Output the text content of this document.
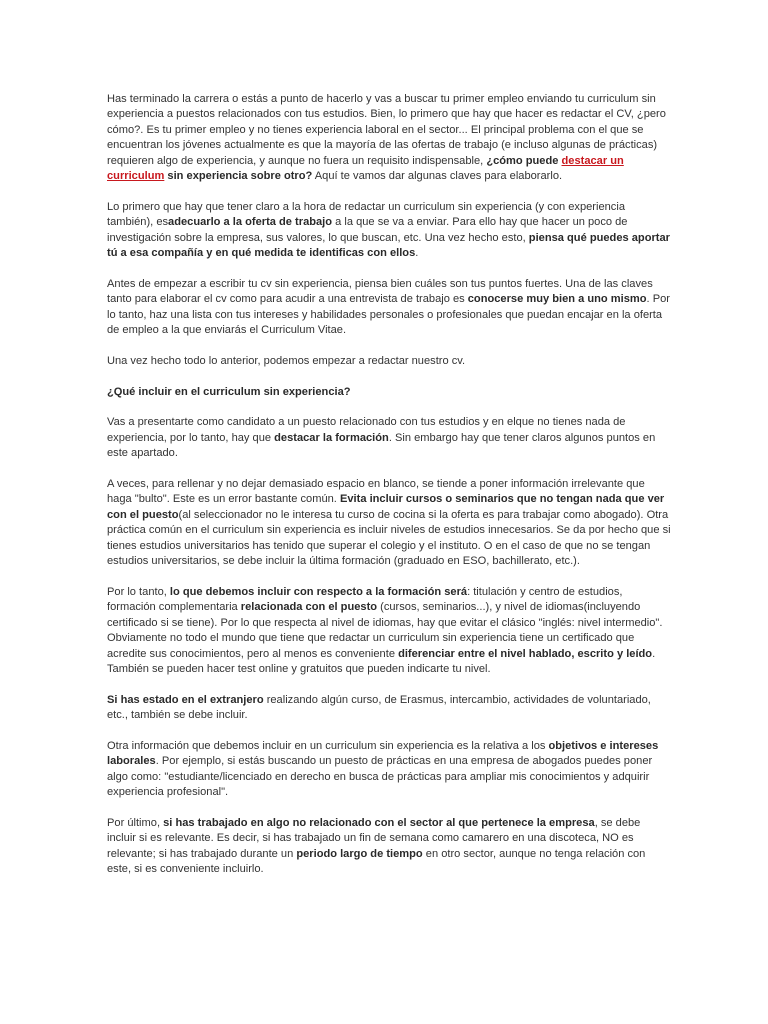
Has terminado la carrera o estás a punto de hacerlo y vas a buscar tu primer empleo enviando tu curriculum sin experiencia a puestos relacionados con tus estudios. Bien, lo primero que hay que hacer es redactar el CV, ¿pero cómo?. Es tu primer empleo y no tienes experiencia laboral en el sector... El principal problema con el que se encuentran los jóvenes actualmente es que la mayoría de las ofertas de trabajo (e incluso algunas de prácticas) requieren algo de experiencia, y aunque no fuera un requisito indispensable, ¿cómo puede destacar un curriculum sin experiencia sobre otro? Aquí te vamos dar algunas claves para elaborarlo.

Lo primero que hay que tener claro a la hora de redactar un curriculum sin experiencia (y con experiencia también), esadecuarlo a la oferta de trabajo a la que se va a enviar. Para ello hay que hacer un poco de investigación sobre la empresa, sus valores, lo que buscan, etc. Una vez hecho esto, piensa qué puedes aportar tú a esa compañía y en qué medida te identificas con ellos.

Antes de empezar a escribir tu cv sin experiencia, piensa bien cuáles son tus puntos fuertes. Una de las claves tanto para elaborar el cv como para acudir a una entrevista de trabajo es conocerse muy bien a uno mismo. Por lo tanto, haz una lista con tus intereses y habilidades personales o profesionales que puedan encajar en la oferta de empleo a la que enviarás el Curriculum Vitae.

Una vez hecho todo lo anterior, podemos empezar a redactar nuestro cv.

¿Qué incluir en el curriculum sin experiencia?

Vas a presentarte como candidato a un puesto relacionado con tus estudios y en elque no tienes nada de experiencia, por lo tanto, hay que destacar la formación. Sin embargo hay que tener claros algunos puntos en este apartado.

A veces, para rellenar y no dejar demasiado espacio en blanco, se tiende a poner información irrelevante que haga "bulto". Este es un error bastante común. Evita incluir cursos o seminarios que no tengan nada que ver con el puesto(al seleccionador no le interesa tu curso de cocina si la oferta es para trabajar como abogado). Otra práctica común en el curriculum sin experiencia es incluir niveles de estudios innecesarios. Se da por hecho que si tienes estudios universitarios has tenido que superar el colegio y el instituto. O en el caso de que no se tengan estudios universitarios, se debe incluir la última formación (graduado en ESO, bachillerato, etc.).

Por lo tanto, lo que debemos incluir con respecto a la formación será: titulación y centro de estudios, formación complementaria relacionada con el puesto (cursos, seminarios...), y nivel de idiomas(incluyendo certificado si se tiene). Por lo que respecta al nivel de idiomas, hay que evitar el clásico "inglés: nivel intermedio". Obviamente no todo el mundo que tiene que redactar un curriculum sin experiencia tiene un certificado que acredite sus conocimientos, pero al menos es conveniente diferenciar entre el nivel hablado, escrito y leído. También se pueden hacer test online y gratuitos que pueden indicarte tu nivel.

Si has estado en el extranjero realizando algún curso, de Erasmus, intercambio, actividades de voluntariado, etc., también se debe incluir.

Otra información que debemos incluir en un curriculum sin experiencia es la relativa a los objetivos e intereses laborales. Por ejemplo, si estás buscando un puesto de prácticas en una empresa de abogados puedes poner algo como: "estudiante/licenciado en derecho en busca de prácticas para ampliar mis conocimientos y adquirir experiencia profesional".

Por último, si has trabajado en algo no relacionado con el sector al que pertenece la empresa, se debe incluir si es relevante. Es decir, si has trabajado un fin de semana como camarero en una discoteca, NO es relevante; si has trabajado durante un periodo largo de tiempo en otro sector, aunque no tenga relación con este, si es conveniente incluirlo.
